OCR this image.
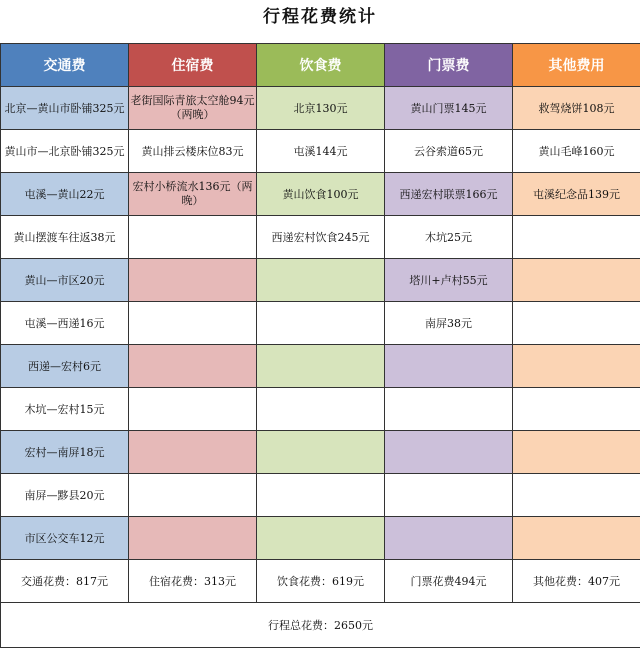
行程花费统计
交通费	住宿费	饮食费	门票费	其他费用
北京—黄山市卧铺325元	老街国际青旅太空舱94元（两晚）	北京130元	黄山门票145元	救驾烧饼108元
黄山市—北京卧铺325元	黄山排云楼床位83元	屯溪144元	云谷索道65元	黄山毛峰160元
屯溪—黄山22元	宏村小桥流水136元（两晚）	黄山饮食100元	西递宏村联票166元	屯溪纪念品139元
黄山摆渡车往返38元		西递宏村饮食245元	木坑25元	
黄山—市区20元			塔川+卢村55元	
屯溪—西递16元			南屏38元	
西递—宏村6元				
木坑—宏村15元				
宏村—南屏18元				
南屏—黟县20元				
市区公交车12元				
交通花费：817元	住宿花费：313元	饮食花费：619元	门票花费494元	其他花费：407元
行程总花费：2650元				
